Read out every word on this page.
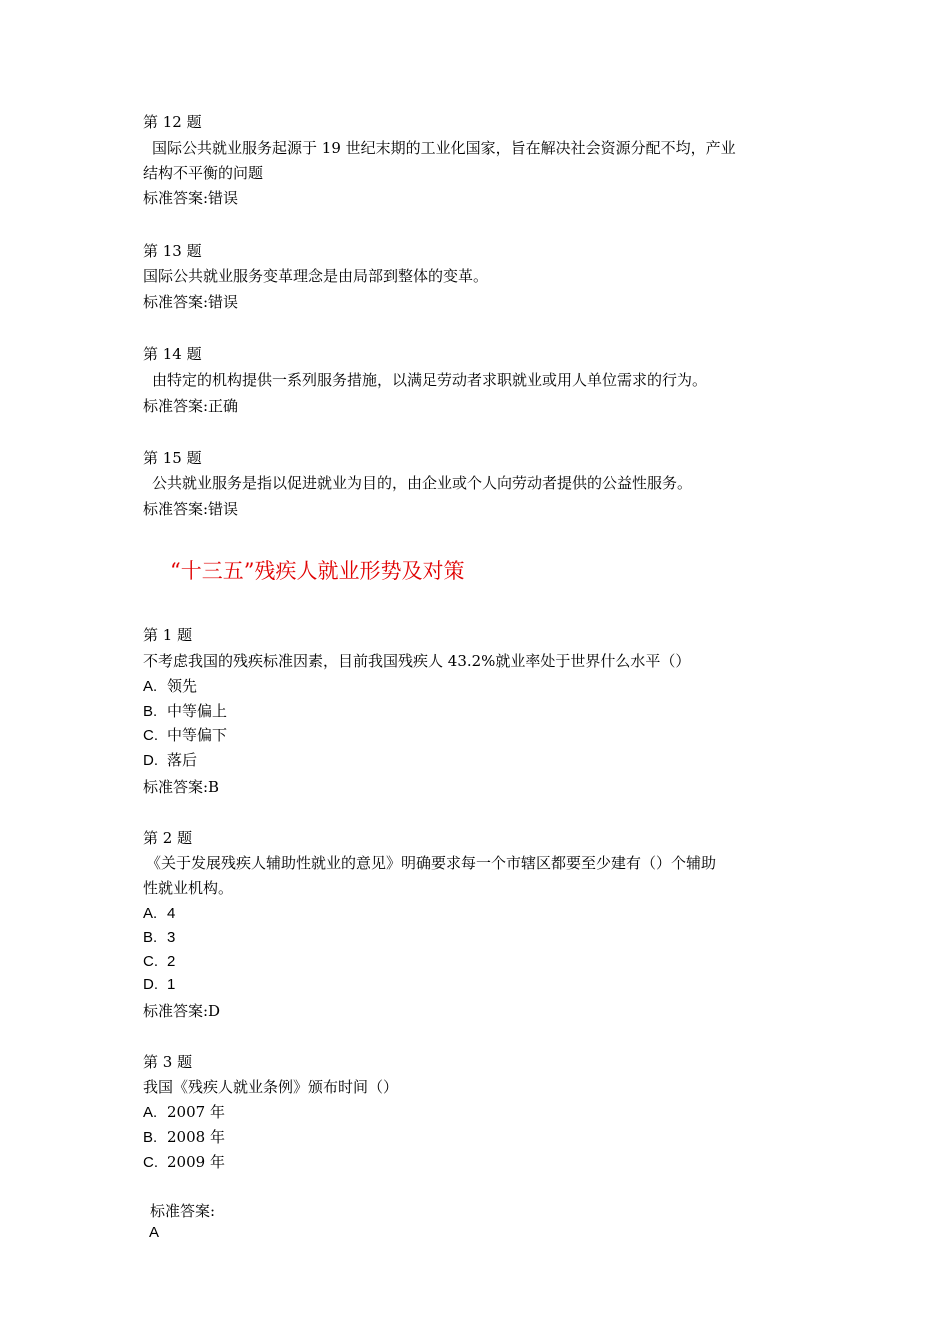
第 12 题
国际公共就业服务起源于 19 世纪末期的工业化国家，旨在解决社会资源分配不均，产业
结构不平衡的问题
标准答案:错误
第 13 题
国际公共就业服务变革理念是由局部到整体的变革。
标准答案:错误
第 14 题
由特定的机构提供一系列服务措施，以满足劳动者求职就业或用人单位需求的行为。
标准答案:正确
第 15 题
公共就业服务是指以促进就业为目的，由企业或个人向劳动者提供的公益性服务。
标准答案:错误
“十三五”残疾人就业形势及对策
第 1 题
不考虑我国的残疾标准因素，目前我国残疾人 43.2%就业率处于世界什么水平（）
A. 领先
B. 中等偏上
C. 中等偏下
D. 落后
标准答案:B
第 2 题
《关于发展残疾人辅助性就业的意见》明确要求每一个市辖区都要至少建有（）个辅助
性就业机构。
A. 4
B. 3
C. 2
D. 1
标准答案:D
第 3 题
我国《残疾人就业条例》颁布时间（）
A. 2007 年
B. 2008 年
C. 2009 年
标准答案:
A
